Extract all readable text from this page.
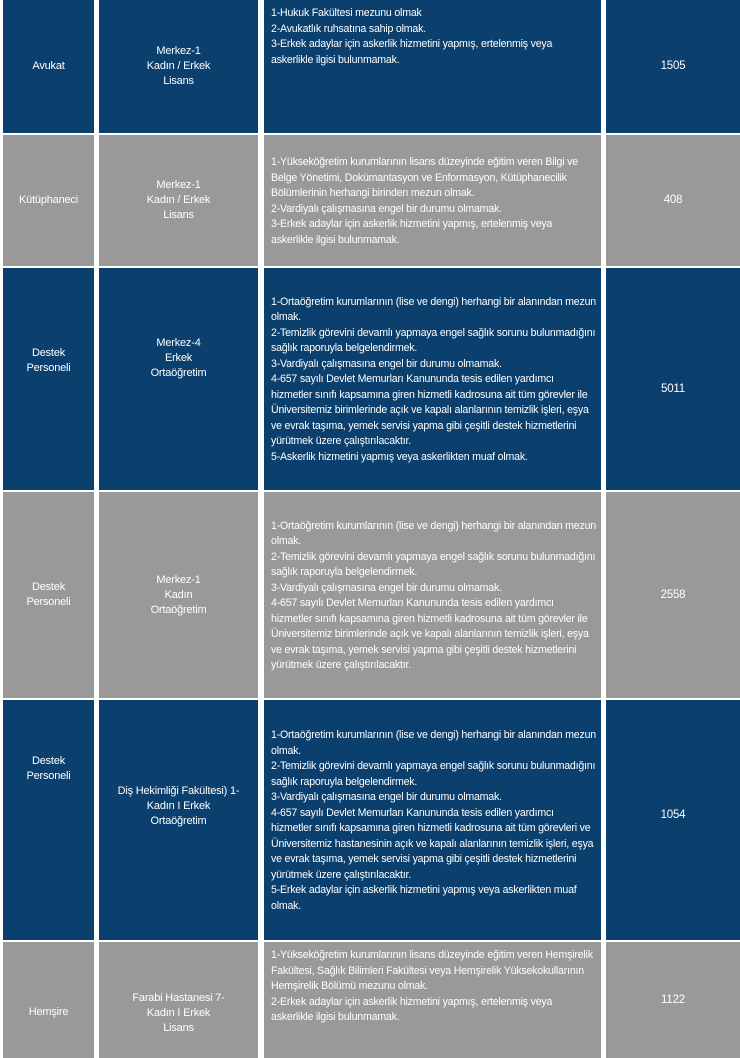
Avukat
Merkez-1
Kadın / Erkek
Lisans
1-Hukuk Fakültesi mezunu olmak
2-Avukatlık ruhsatına sahip olmak.
3-Erkek adaylar için askerlik hizmetini yapmış, ertelenmiş veya askerlikle ilgisi bulunmamak.
1505
Kütüphaneci
Merkez-1
Kadın / Erkek
Lisans
1-Yükseköğretim kurumlarının lisans düzeyinde eğitim veren Bilgi ve Belge Yönetimi, Dokümantasyon ve Enformasyon, Kütüphanecilik Bölümlerinin herhangi birinden mezun olmak.
2-Vardiyalı çalışmasına engel bir durumu olmamak.
3-Erkek adaylar için askerlik hizmetini yapmış, ertelenmiş veya askerlikle ilgisi bulunmamak.
408
Destek
Personeli
Merkez-4
Erkek
Ortaöğretim
1-Ortaöğretim kurumlarının (lise ve dengi) herhangi bir alanından mezun olmak.
2-Temizlik görevini devamlı yapmaya engel sağlık sorunu bulunmadığını sağlık raporuyla belgelendirmek.
3-Vardiyalı çalışmasına engel bir durumu olmamak.
4-657 sayılı Devlet Memurları Kanununda tesis edilen yardımcı hizmetler sınıfı kapsamına giren hizmetli kadrosuna ait tüm görevler ile Üniversitemiz birimlerinde açık ve kapalı alanlarının temizlik işleri, eşya ve evrak taşıma, yemek servisi yapma gibi çeşitli destek hizmetlerini yürütmek üzere çalıştırılacaktır.
5-Askerlik hizmetini yapmış veya askerlikten muaf olmak.
5011
Destek
Personeli
Merkez-1
Kadın
Ortaöğretim
1-Ortaöğretim kurumlarının (lise ve dengi) herhangi bir alanından mezun olmak.
2-Temizlik görevini devamlı yapmaya engel sağlık sorunu bulunmadığını sağlık raporuyla belgelendirmek.
3-Vardiyalı çalışmasına engel bir durumu olmamak.
4-657 sayılı Devlet Memurları Kanununda tesis edilen yardımcı hizmetler sınıfı kapsamına giren hizmetli kadrosuna ait tüm görevler ile Üniversitemiz birimlerinde açık ve kapalı alanlarının temizlik işleri, eşya ve evrak taşıma, yemek servisi yapma gibi çeşitli destek hizmetlerini yürütmek üzere çalıştırılacaktır.
2558
Destek
Personeli
Diş Hekimliği Fakültesi) 1-
Kadın I Erkek
Ortaöğretim
1-Ortaöğretim kurumlarının (lise ve dengi) herhangi bir alanından mezun olmak.
2-Temizlik görevini devamlı yapmaya engel sağlık sorunu bulunmadığını sağlık raporuyla belgelendirmek.
3-Vardiyalı çalışmasına engel bir durumu olmamak.
4-657 sayılı Devlet Memurları Kanununda tesis edilen yardımcı hizmetler sınıfı kapsamına giren hizmetli kadrosuna ait tüm görevleri ve Üniversitemiz hastanesinin açık ve kapalı alanlarının temizlik işleri, eşya ve evrak taşıma, yemek servisi yapma gibi çeşitli destek hizmetlerini yürütmek üzere çalıştırılacaktır.
5-Erkek adaylar için askerlik hizmetini yapmış veya askerlikten muaf olmak.
1054
Hemşire
Farabi Hastanesi 7-
Kadın I Erkek
Lisans
1-Yükseköğretim kurumlarının lisans düzeyinde eğitim veren Hemşirelik Fakültesi, Sağlık Bilimleri Fakültesi veya Hemşirelik Yüksekokullarının Hemşirelik Bölümü mezunu olmak.
2-Erkek adaylar için askerlik hizmetini yapmış, ertelenmiş veya askerlikle ilgisi bulunmamak.
1122
